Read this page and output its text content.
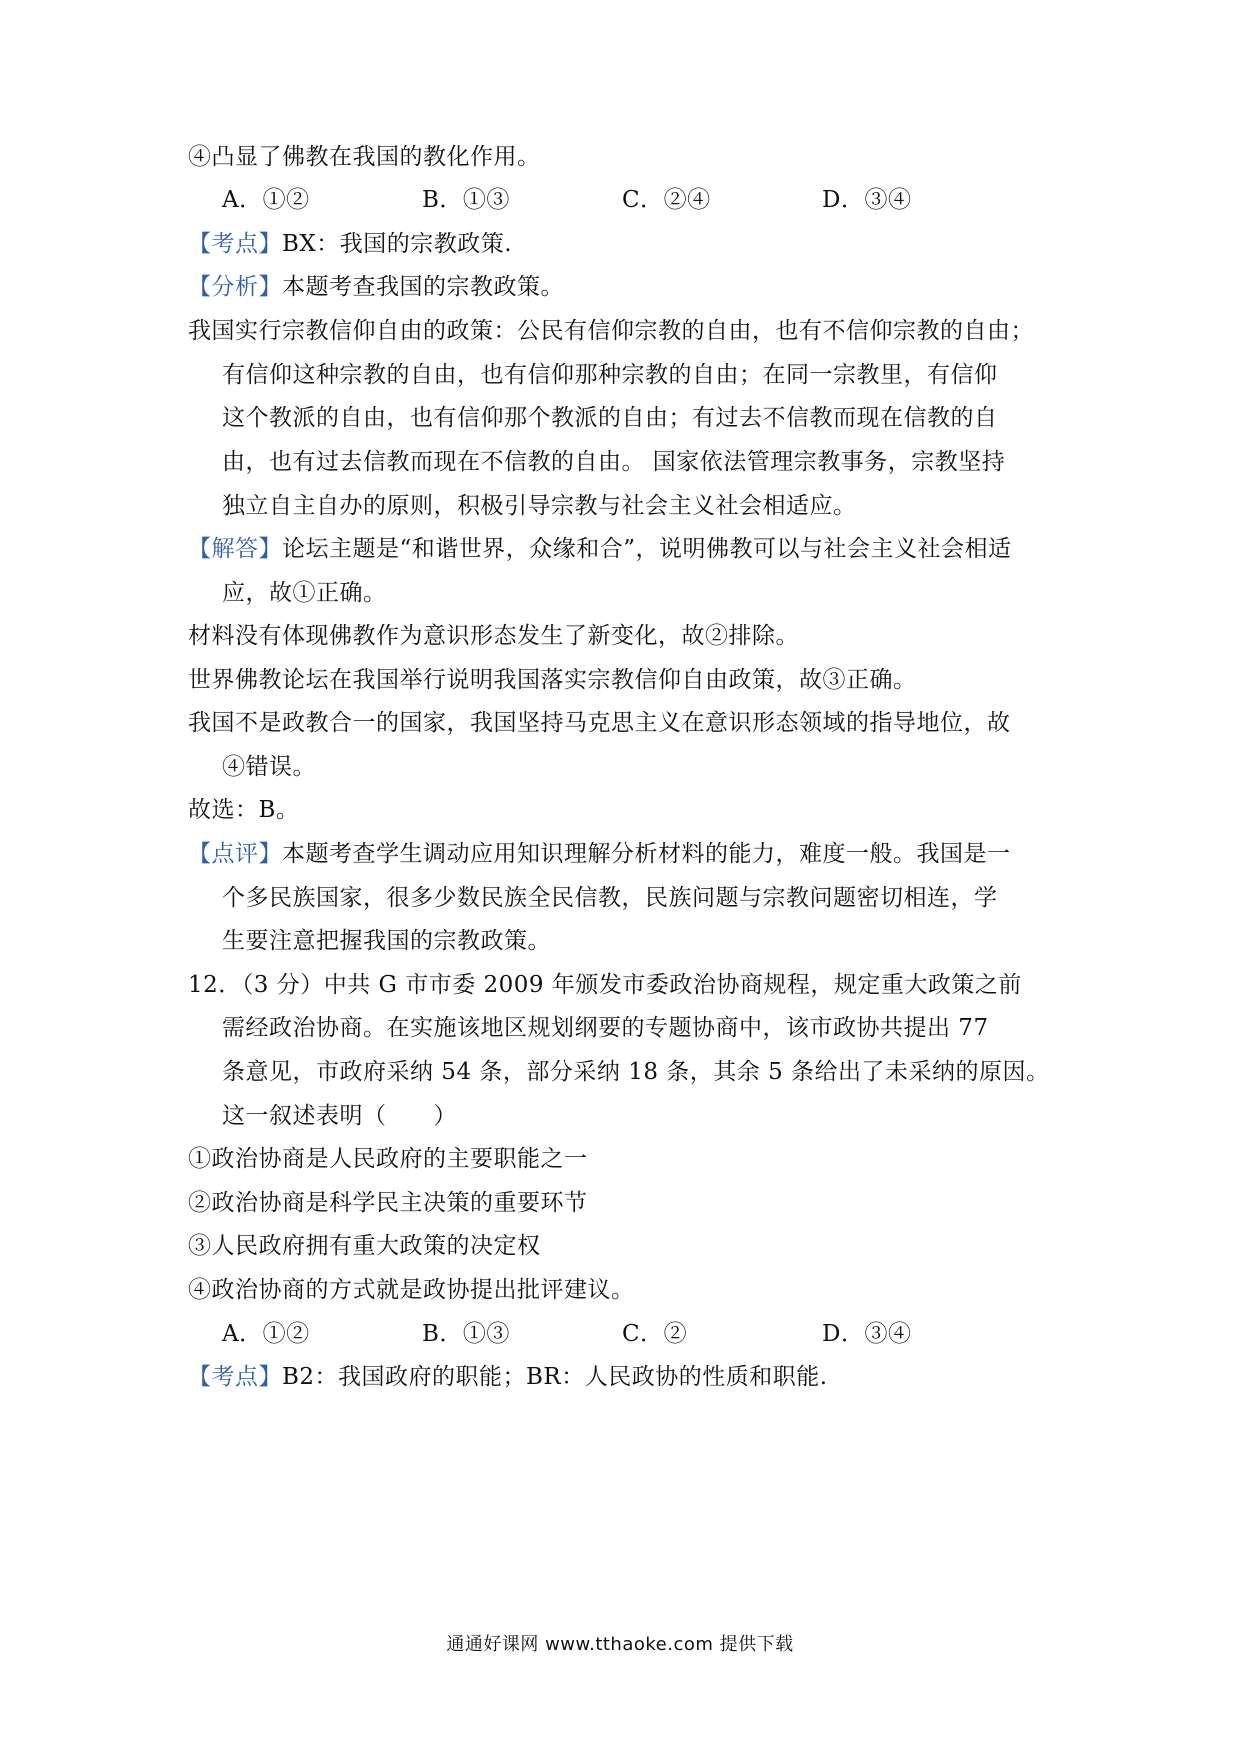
④凸显了佛教在我国的教化作用。
A．①②	B．①③	C．②④	D．③④
【考点】BX：我国的宗教政策.
【分析】本题考查我国的宗教政策。
我国实行宗教信仰自由的政策：公民有信仰宗教的自由，也有不信仰宗教的自由；
有信仰这种宗教的自由，也有信仰那种宗教的自由；在同一宗教里，有信仰
这个教派的自由，也有信仰那个教派的自由；有过去不信教而现在信教的自
由，也有过去信教而现在不信教的自由。 国家依法管理宗教事务，宗教坚持
独立自主自办的原则，积极引导宗教与社会主义社会相适应。
【解答】论坛主题是“和谐世界，众缘和合”，说明佛教可以与社会主义社会相适
应，故①正确。
材料没有体现佛教作为意识形态发生了新变化，故②排除。
世界佛教论坛在我国举行说明我国落实宗教信仰自由政策，故③正确。
我国不是政教合一的国家，我国坚持马克思主义在意识形态领域的指导地位，故
④错误。
故选：B。
【点评】本题考查学生调动应用知识理解分析材料的能力，难度一般。我国是一
个多民族国家，很多少数民族全民信教，民族问题与宗教问题密切相连，学
生要注意把握我国的宗教政策。
12．（3 分）中共 G 市市委 2009 年颁发市委政治协商规程，规定重大政策之前
需经政治协商。在实施该地区规划纲要的专题协商中，该市政协共提出 77
条意见，市政府采纳 54 条，部分采纳 18 条，其余 5 条给出了未采纳的原因。
这一叙述表明（　　）
①政治协商是人民政府的主要职能之一
②政治协商是科学民主决策的重要环节
③人民政府拥有重大政策的决定权
④政治协商的方式就是政协提出批评建议。
A．①②	B．①③	C．②	D．③④
【考点】B2：我国政府的职能；BR：人民政协的性质和职能.
通通好课网 www.tthaoke.com 提供下载
